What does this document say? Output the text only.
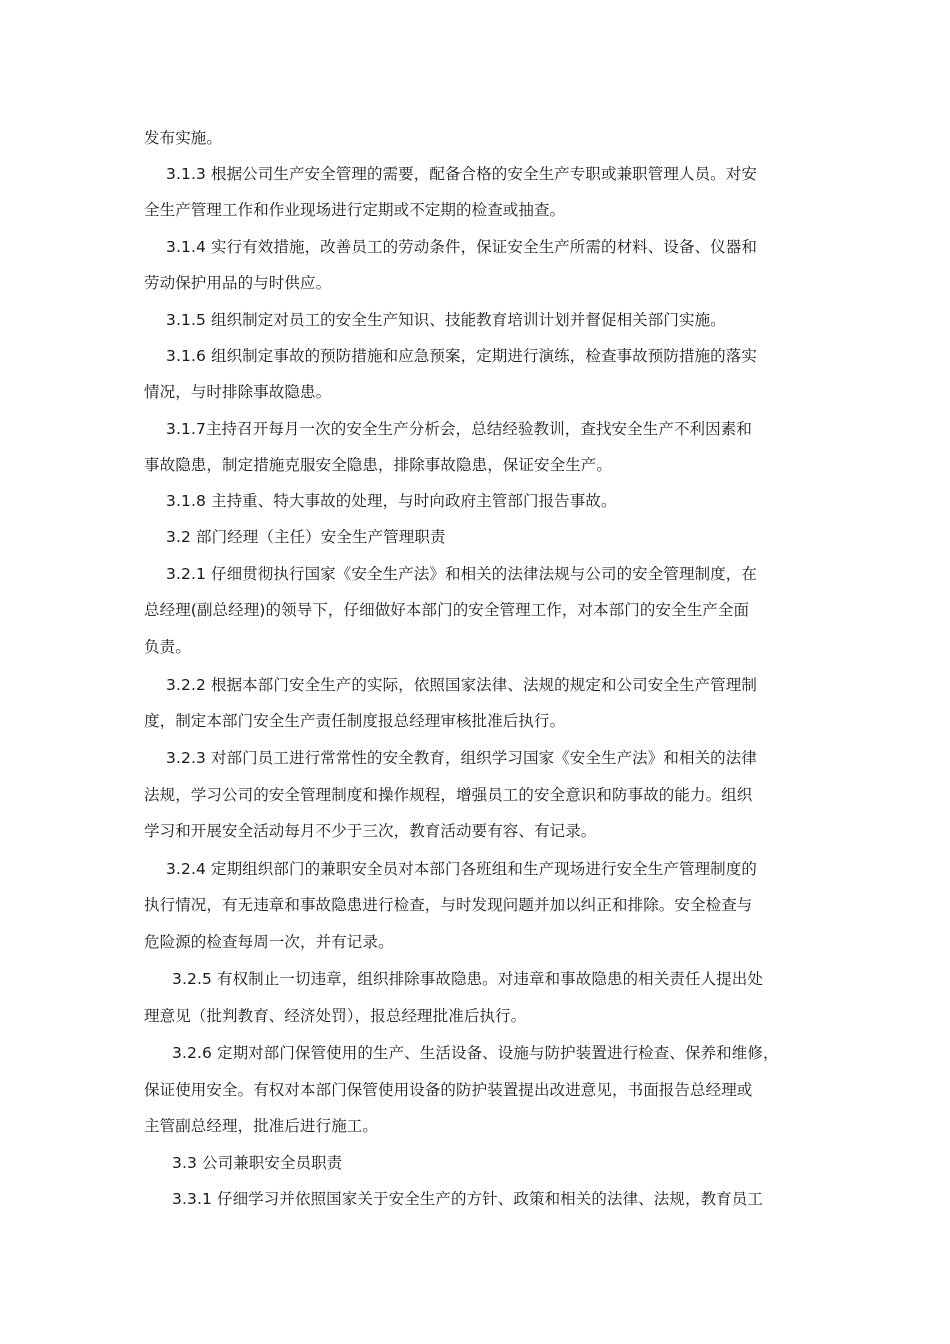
发布实施。
3.1.3 根据公司生产安全管理的需要，配备合格的安全生产专职或兼职管理人员。对安
全生产管理工作和作业现场进行定期或不定期的检查或抽查。
3.1.4 实行有效措施，改善员工的劳动条件，保证安全生产所需的材料、设备、仪器和
劳动保护用品的与时供应。
3.1.5 组织制定对员工的安全生产知识、技能教育培训计划并督促相关部门实施。
3.1.6 组织制定事故的预防措施和应急预案，定期进行演练，检查事故预防措施的落实
情况，与时排除事故隐患。
3.1.7主持召开每月一次的安全生产分析会，总结经验教训，查找安全生产不利因素和
事故隐患，制定措施克服安全隐患，排除事故隐患，保证安全生产。
3.1.8 主持重、特大事故的处理，与时向政府主管部门报告事故。
3.2 部门经理（主任）安全生产管理职责
3.2.1 仔细贯彻执行国家《安全生产法》和相关的法律法规与公司的安全管理制度，在
总经理(副总经理)的领导下，仔细做好本部门的安全管理工作，对本部门的安全生产全面
负责。
3.2.2 根据本部门安全生产的实际，依照国家法律、法规的规定和公司安全生产管理制
度，制定本部门安全生产责任制度报总经理审核批准后执行。
3.2.3 对部门员工进行常常性的安全教育，组织学习国家《安全生产法》和相关的法律
法规，学习公司的安全管理制度和操作规程，增强员工的安全意识和防事故的能力。组织
学习和开展安全活动每月不少于三次，教育活动要有容、有记录。
3.2.4 定期组织部门的兼职安全员对本部门各班组和生产现场进行安全生产管理制度的
执行情况，有无违章和事故隐患进行检查，与时发现问题并加以纠正和排除。安全检查与
危险源的检查每周一次，并有记录。
3.2.5 有权制止一切违章，组织排除事故隐患。对违章和事故隐患的相关责任人提出处
理意见（批判教育、经济处罚），报总经理批准后执行。
3.2.6 定期对部门保管使用的生产、生活设备、设施与防护装置进行检查、保养和维修，
保证使用安全。有权对本部门保管使用设备的防护装置提出改进意见，书面报告总经理或
主管副总经理，批准后进行施工。
3.3 公司兼职安全员职责
3.3.1 仔细学习并依照国家关于安全生产的方针、政策和相关的法律、法规，教育员工
